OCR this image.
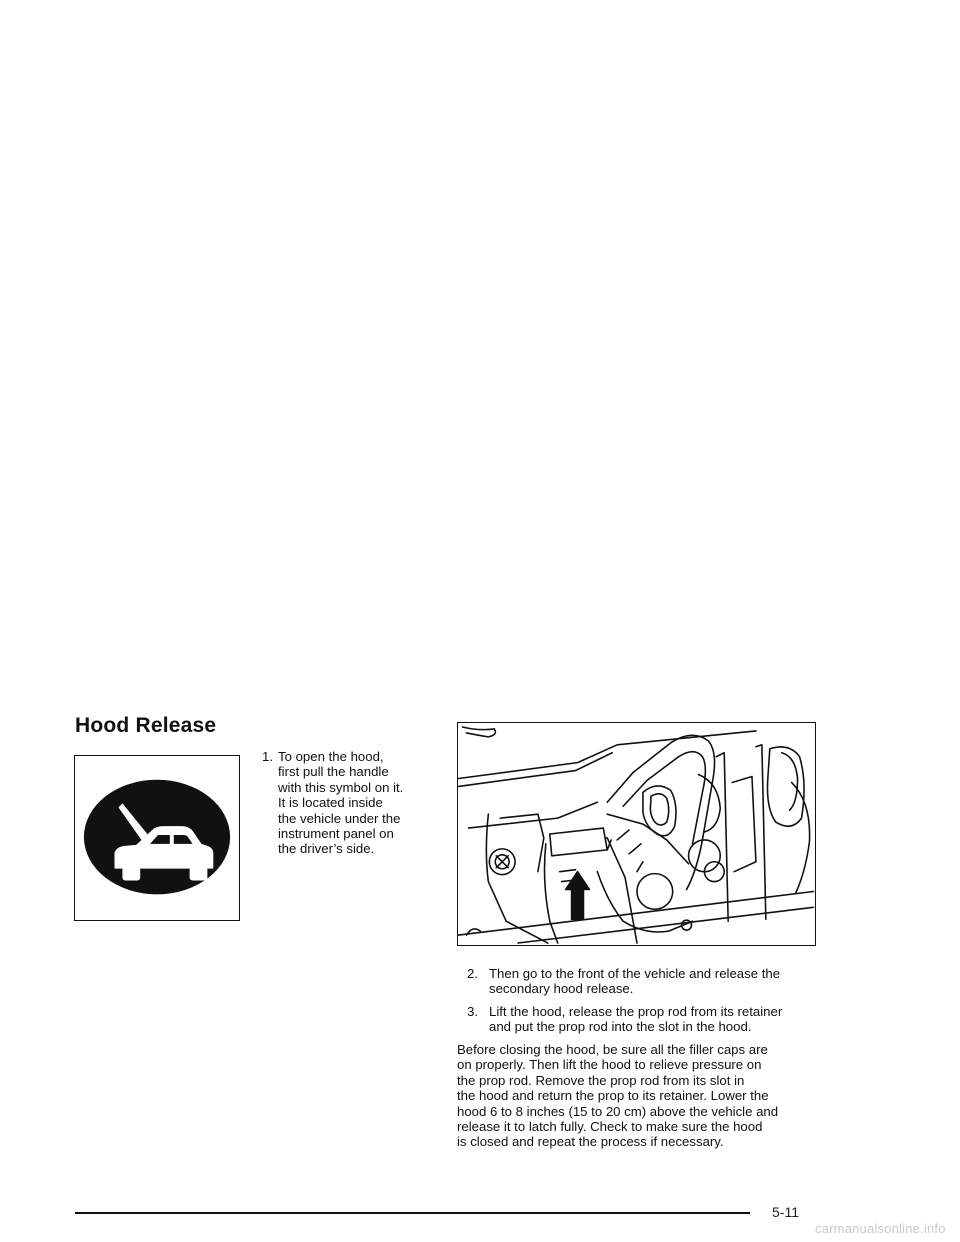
Hood Release
1. To open the hood,
first pull the handle
with this symbol on it.
It is located inside
the vehicle under the
instrument panel on
the driver’s side.
2. Then go to the front of the vehicle and release the
secondary hood release.
3. Lift the hood, release the prop rod from its retainer
and put the prop rod into the slot in the hood.

Before closing the hood, be sure all the filler caps are
on properly. Then lift the hood to relieve pressure on
the prop rod. Remove the prop rod from its slot in
the hood and return the prop to its retainer. Lower the
hood 6 to 8 inches (15 to 20 cm) above the vehicle and
release it to latch fully. Check to make sure the hood
is closed and repeat the process if necessary.

5-11
carmanualsonline.info
